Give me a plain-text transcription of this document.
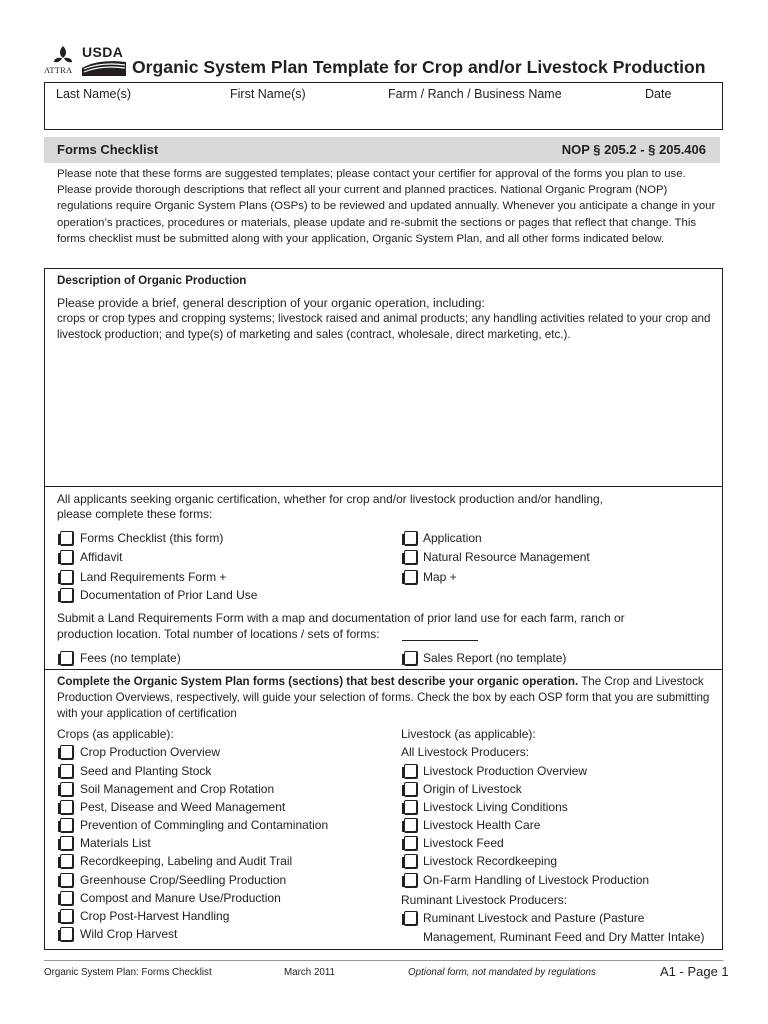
ATTRA
USDA
Organic System Plan Template for Crop and/or Livestock Production
Last Name(s)	First Name(s)	Farm / Ranch / Business Name	Date
Forms Checklist	NOP § 205.2 - § 205.406
Please note that these forms are suggested templates; please contact your certifier for approval of the forms you plan to use. Please provide thorough descriptions that reflect all your current and planned practices. National Organic Program (NOP) regulations require Organic System Plans (OSPs) to be reviewed and updated annually. Whenever you anticipate a change in your operation’s practices, procedures or materials, please update and re-submit the sections or pages that reflect that change. This forms checklist must be submitted along with your application, Organic System Plan, and all other forms indicated below.
Description of Organic Production
Please provide a brief, general description of your organic operation, including:
crops or crop types and cropping systems; livestock raised and animal products; any handling activities related to your crop and livestock production; and type(s) of marketing and sales (contract, wholesale, direct marketing, etc.).
All applicants seeking organic certification, whether for crop and/or livestock production and/or handling,
please complete these forms:
Forms Checklist (this form)
Affidavit
Land Requirements Form +
Documentation of Prior Land Use
Application
Natural Resource Management
Map +
Submit a Land Requirements Form with a map and documentation of prior land use for each farm, ranch or
production location. Total number of locations / sets of forms:
Fees (no template)	Sales Report (no template)
Complete the Organic System Plan forms (sections) that best describe your organic operation. The Crop and Livestock Production Overviews, respectively, will guide your selection of forms. Check the box by each OSP form that you are submitting with your application of certification
Crops (as applicable):
Crop Production Overview
Seed and Planting Stock
Soil Management and Crop Rotation
Pest, Disease and Weed Management
Prevention of Commingling and Contamination
Materials List
Recordkeeping, Labeling and Audit Trail
Greenhouse Crop/Seedling Production
Compost and Manure Use/Production
Crop Post-Harvest Handling
Wild Crop Harvest
Livestock (as applicable):
All Livestock Producers:
Livestock Production Overview
Origin of Livestock
Livestock Living Conditions
Livestock Health Care
Livestock Feed
Livestock Recordkeeping
On-Farm Handling of Livestock Production
Ruminant Livestock Producers:
Ruminant Livestock and Pasture (Pasture
Management, Ruminant Feed and Dry Matter Intake)
Organic System Plan: Forms Checklist	March 2011	Optional form, not mandated by regulations	A1 - Page 1
